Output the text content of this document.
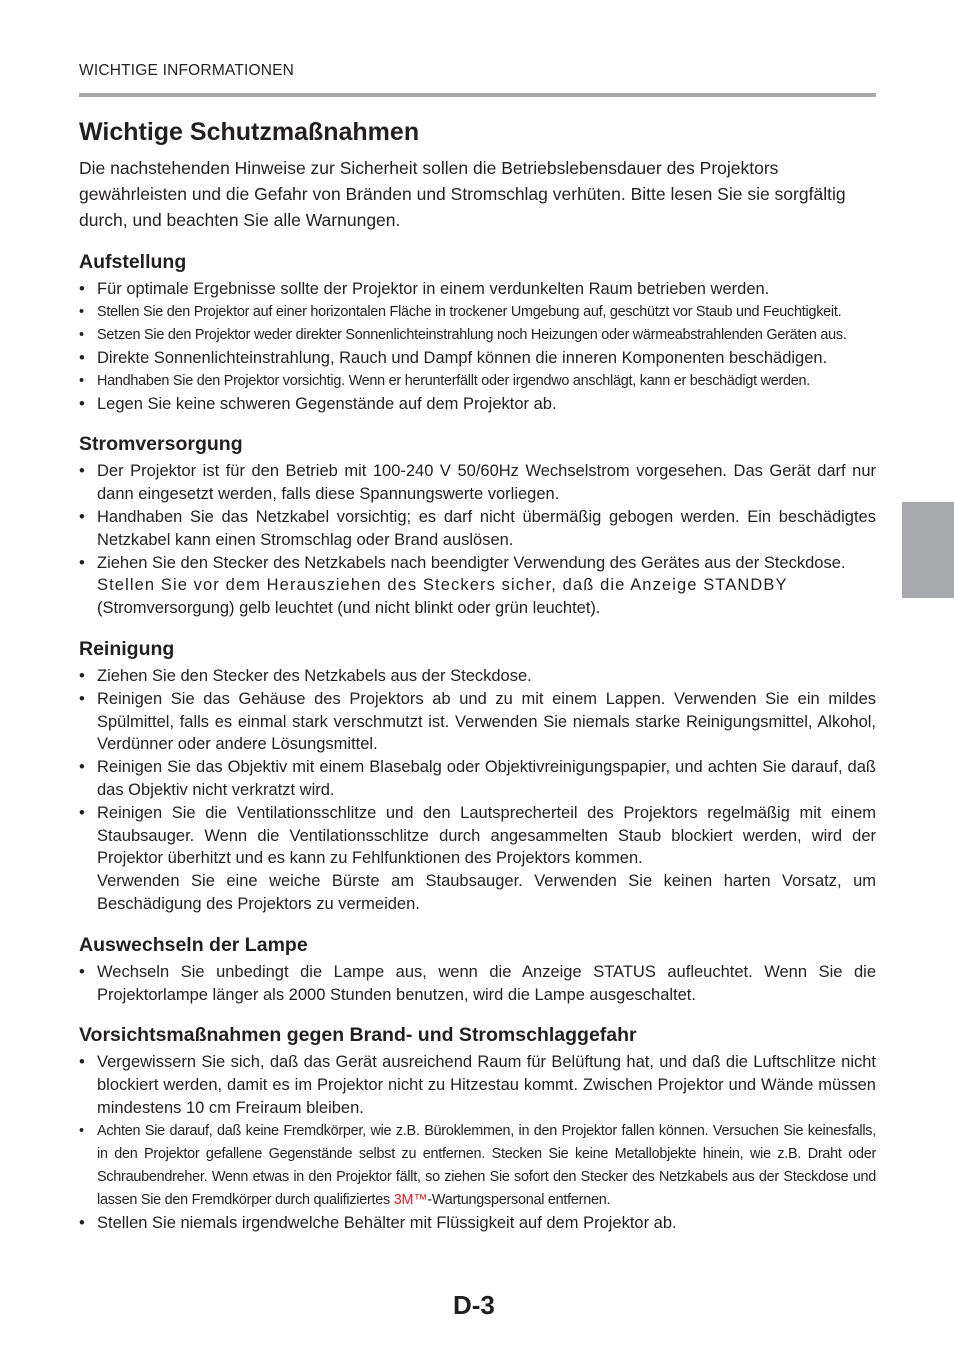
WICHTIGE INFORMATIONEN
Wichtige Schutzmaßnahmen

Die nachstehenden Hinweise zur Sicherheit sollen die Betriebslebensdauer des Projektors gewährleisten und die Gefahr von Bränden und Stromschlag verhüten. Bitte lesen Sie sie sorgfältig durch, und beachten Sie alle Warnungen.

Aufstellung
• Für optimale Ergebnisse sollte der Projektor in einem verdunkelten Raum betrieben werden.
• Stellen Sie den Projektor auf einer horizontalen Fläche in trockener Umgebung auf, geschützt vor Staub und Feuchtigkeit.
• Setzen Sie den Projektor weder direkter Sonnenlichteinstrahlung noch Heizungen oder wärmeabstrahlenden Geräten aus.
• Direkte Sonnenlichteinstrahlung, Rauch und Dampf können die inneren Komponenten beschädigen.
• Handhaben Sie den Projektor vorsichtig. Wenn er herunterfällt oder irgendwo anschlägt, kann er beschädigt werden.
• Legen Sie keine schweren Gegenstände auf dem Projektor ab.
Stromversorgung
• Der Projektor ist für den Betrieb mit 100-240 V 50/60Hz Wechselstrom vorgesehen. Das Gerät darf nur dann eingesetzt werden, falls diese Spannungswerte vorliegen.
• Handhaben Sie das Netzkabel vorsichtig; es darf nicht übermäßig gebogen werden. Ein beschädigtes Netzkabel kann einen Stromschlag oder Brand auslösen.
• Ziehen Sie den Stecker des Netzkabels nach beendigter Verwendung des Gerätes aus der Steckdose.
Stellen Sie vor dem Herausziehen des Steckers sicher, daß die Anzeige STANDBY
(Stromversorgung) gelb leuchtet (und nicht blinkt oder grün leuchtet).
Reinigung
• Ziehen Sie den Stecker des Netzkabels aus der Steckdose.
• Reinigen Sie das Gehäuse des Projektors ab und zu mit einem Lappen. Verwenden Sie ein mildes Spülmittel, falls es einmal stark verschmutzt ist. Verwenden Sie niemals starke Reinigungsmittel, Alkohol, Verdünner oder andere Lösungsmittel.
• Reinigen Sie das Objektiv mit einem Blasebalg oder Objektivreinigungspapier, und achten Sie darauf, daß das Objektiv nicht verkratzt wird.
• Reinigen Sie die Ventilationsschlitze und den Lautsprecherteil des Projektors regelmäßig mit einem Staubsauger. Wenn die Ventilationsschlitze durch angesammelten Staub blockiert werden, wird der Projektor überhitzt und es kann zu Fehlfunktionen des Projektors kommen.
Verwenden Sie eine weiche Bürste am Staubsauger. Verwenden Sie keinen harten Vorsatz, um Beschädigung des Projektors zu vermeiden.
Auswechseln der Lampe
• Wechseln Sie unbedingt die Lampe aus, wenn die Anzeige STATUS aufleuchtet. Wenn Sie die Projektorlampe länger als 2000 Stunden benutzen, wird die Lampe ausgeschaltet.
Vorsichtsmaßnahmen gegen Brand- und Stromschlaggefahr
• Vergewissern Sie sich, daß das Gerät ausreichend Raum für Belüftung hat, und daß die Luftschlitze nicht blockiert werden, damit es im Projektor nicht zu Hitzestau kommt. Zwischen Projektor und Wände müssen mindestens 10 cm Freiraum bleiben.
• Achten Sie darauf, daß keine Fremdkörper, wie z.B. Büroklemmen, in den Projektor fallen können. Versuchen Sie keinesfalls, in den Projektor gefallene Gegenstände selbst zu entfernen. Stecken Sie keine Metallobjekte hinein, wie z.B. Draht oder Schraubendreher. Wenn etwas in den Projektor fällt, so ziehen Sie sofort den Stecker des Netzkabels aus der Steckdose und lassen Sie den Fremdkörper durch qualifiziertes 3M™-Wartungspersonal entfernen.
• Stellen Sie niemals irgendwelche Behälter mit Flüssigkeit auf dem Projektor ab.
D-3
